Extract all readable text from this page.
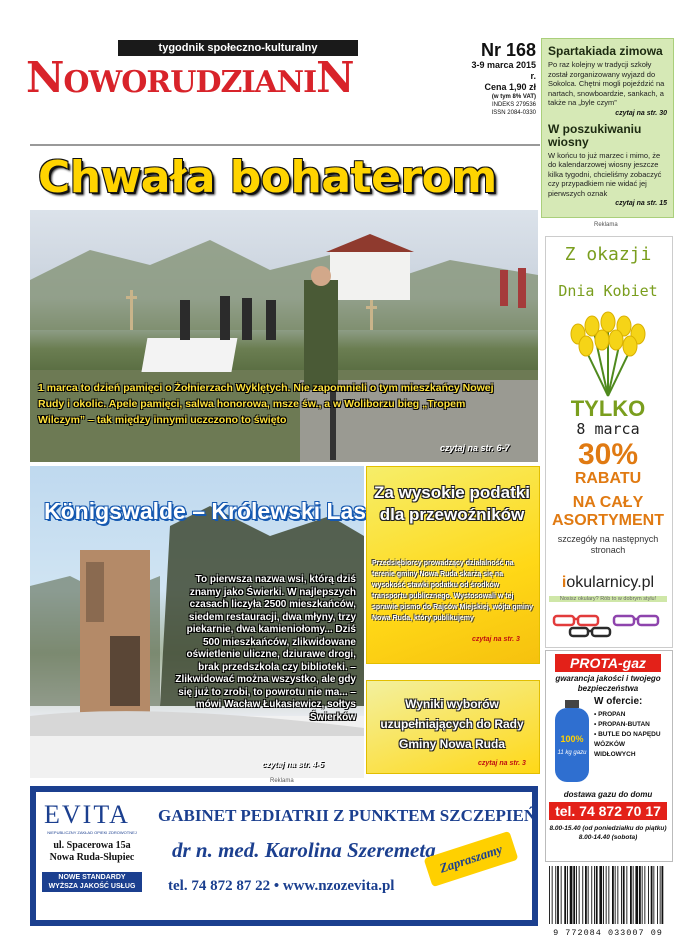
tygodnik społeczno-kulturalny
NOWORUDZIANIN
Nr 168
3-9 marca 2015 r.
Cena 1,90 zł
(w tym 8% VAT)
INDEKS 279536
ISSN 2084-0330
Spartakiada zimowa
Po raz kolejny w tradycji szkoły został zorganizowany wyjazd do Sokolca. Chętni mogli pojeździć na nartach, snowboardzie, sankach, a także na „byle czym”
czytaj na str. 30
W poszukiwaniu wiosny
W końcu to już marzec i mimo, że do kalendarzowej wiosny jeszcze kilka tygodni, chcieliśmy zobaczyć czy przypadkiem nie widać jej pierwszych oznak
czytaj na str. 15
Reklama
Chwała bohaterom
1 marca to dzień pamięci o Żołnierzach Wyklętych. Nie zapomnieli o tym mieszkańcy Nowej Rudy i okolic. Apele pamięci, salwa honorowa, msze św., a w Woliborzu bieg „Tropem Wilczym” – tak między innymi uczczono to święto
czytaj na str. 6-7
Königswalde – Królewski Las
To pierwsza nazwa wsi, którą dziś znamy jako Świerki. W najlepszych czasach liczyła 2500 mieszkańców, siedem restauracji, dwa młyny, trzy piekarnie, dwa kamieniołomy... Dziś 500 mieszkańców, zlikwidowane oświetlenie uliczne, dziurawe drogi, brak przedszkola czy biblioteki. – Zlikwidować można wszystko, ale gdy się już to zrobi, to powrotu nie ma... – mówi Wacław Łukasiewicz, sołtys Świerków
czytaj na str. 4-5
Za wysokie podatki dla przewoźników
Przedsiębiorcy prowadzący działalność na terenie gminy Nowa Ruda skarżą się na wysokość stawki podatku od środków transportu publicznego. Wystosowali w tej sprawie pismo do Rajców Miejskiej, wójta gminy Nowa Ruda, który publikujemy
czytaj na str. 3
Wyniki wyborów uzupełniających do Rady Gminy Nowa Ruda
czytaj na str. 3
Reklama
Z okazji
Dnia Kobiet
TYLKO
8 marca
30%
RABATU
NA CAŁY ASORTYMENT
szczegóły na następnych stronach
iokularnicy.pl
Nosisz okulary? Rób to w dobrym stylu!
PROTA-gaz
gwarancja jakości i twojego bezpieczeństwa
100%
11 kg gazu
W ofercie:
• PROPAN
• PROPAN-BUTAN
• BUTLE DO NAPĘDU WÓZKÓW WIDŁOWYCH
dostawa gazu do domu
tel. 74 872 70 17
8.00-15.40 (od poniedziałku do piątku)
8.00-14.40 (sobota)
9 772084 033007 09
EVITA
NIEPUBLICZNY ZAKŁAD OPIEKI ZDROWOTNEJ
ul. Spacerowa 15a
Nowa Ruda-Słupiec
NOWE STANDARDY
WYŻSZA JAKOŚĆ USŁUG
GABINET PEDIATRII Z PUNKTEM SZCZEPIEŃ
dr n. med. Karolina Szeremeta
tel. 74 872 87 22 • www.nzozevita.pl
Zapraszamy
